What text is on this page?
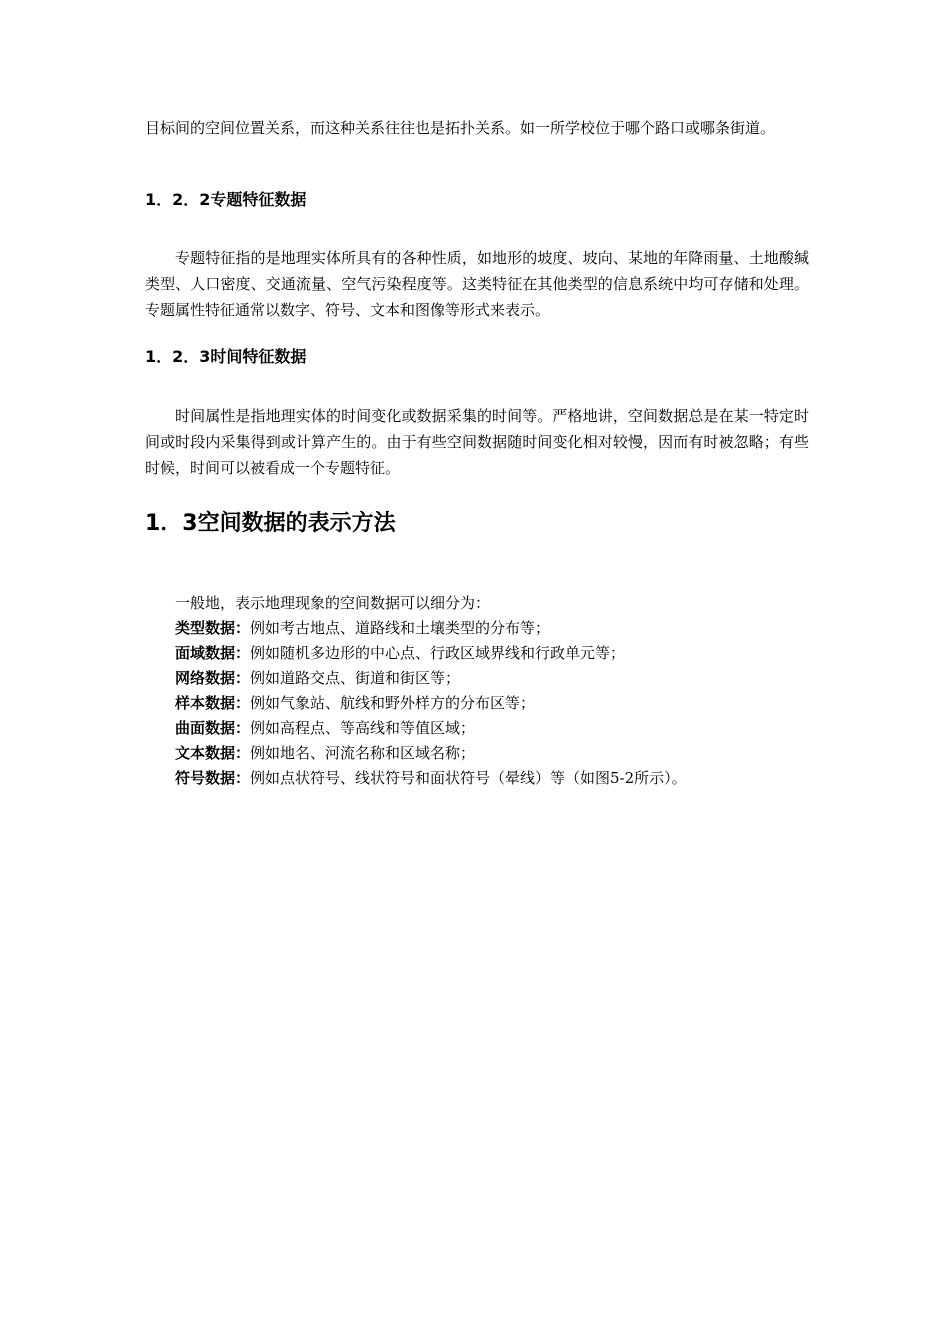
目标间的空间位置关系，而这种关系往往也是拓扑关系。如一所学校位于哪个路口或哪条街道。

1．2．2专题特征数据

专题特征指的是地理实体所具有的各种性质，如地形的坡度、坡向、某地的年降雨量、土地酸缄类型、人口密度、交通流量、空气污染程度等。这类特征在其他类型的信息系统中均可存储和处理。专题属性特征通常以数字、符号、文本和图像等形式来表示。

1．2．3时间特征数据

时间属性是指地理实体的时间变化或数据采集的时间等。严格地讲，空间数据总是在某一特定时间或时段内采集得到或计算产生的。由于有些空间数据随时间变化相对较慢，因而有时被忽略；有些时候，时间可以被看成一个专题特征。

1．3空间数据的表示方法
一般地，表示地理现象的空间数据可以细分为：
类型数据：例如考古地点、道路线和土壤类型的分布等；
面域数据：例如随机多边形的中心点、行政区域界线和行政单元等；
网络数据：例如道路交点、街道和街区等；
样本数据：例如气象站、航线和野外样方的分布区等；
曲面数据：例如高程点、等高线和等值区域；
文本数据：例如地名、河流名称和区域名称；
符号数据：例如点状符号、线状符号和面状符号（晕线）等（如图5-2所示）。
